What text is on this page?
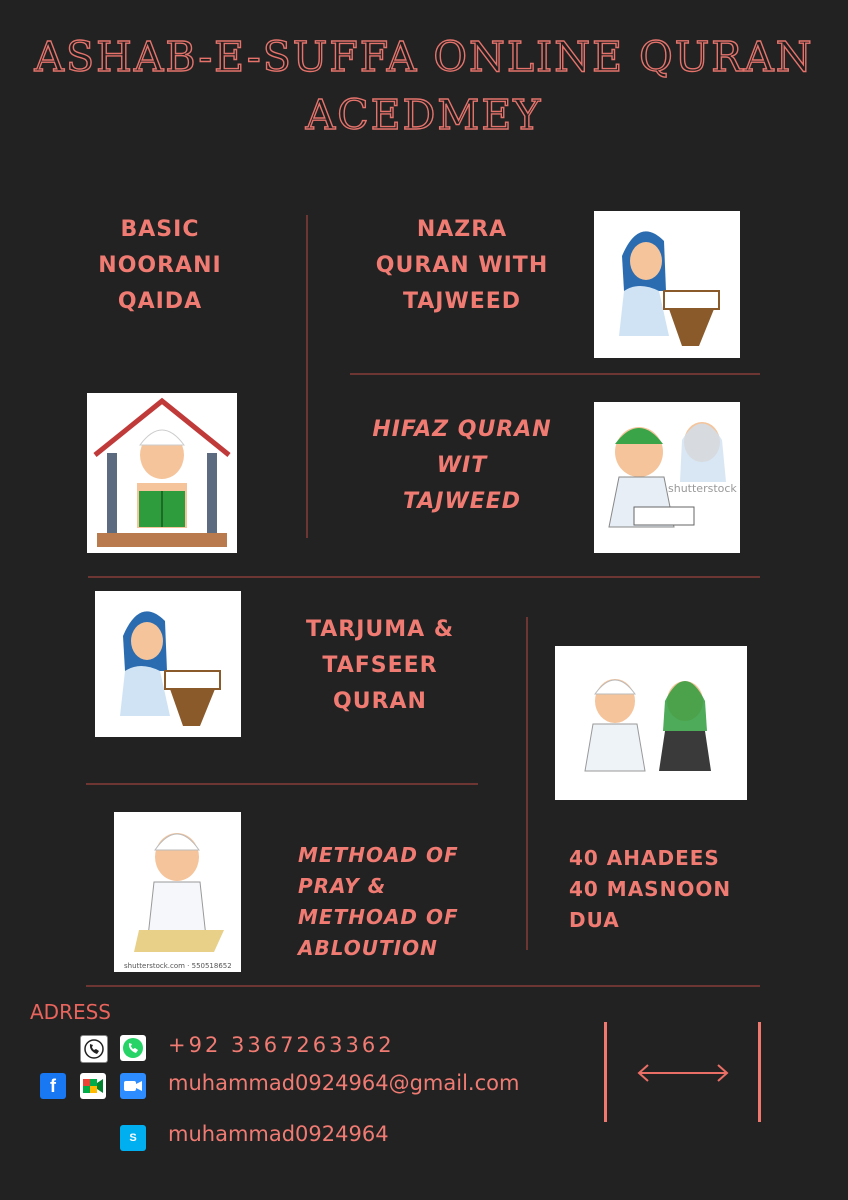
ASHAB-E-SUFFA ONLINE QURAN
ACEDMEY
BASIC
NOORANI
QAIDA
NAZRA
QURAN WITH
TAJWEED
HIFAZ QURAN
WIT
TAJWEED
shutterstock
TARJUMA &
TAFSEER
QURAN
METHOAD OF
PRAY &
METHOAD OF
ABLOUTION
shutterstock.com · 550518652
40 AHADEES
40 MASNOON
DUA
ADRESS
+92 3367263362
f	muhammad0924964@gmail.com
S	muhammad0924964
